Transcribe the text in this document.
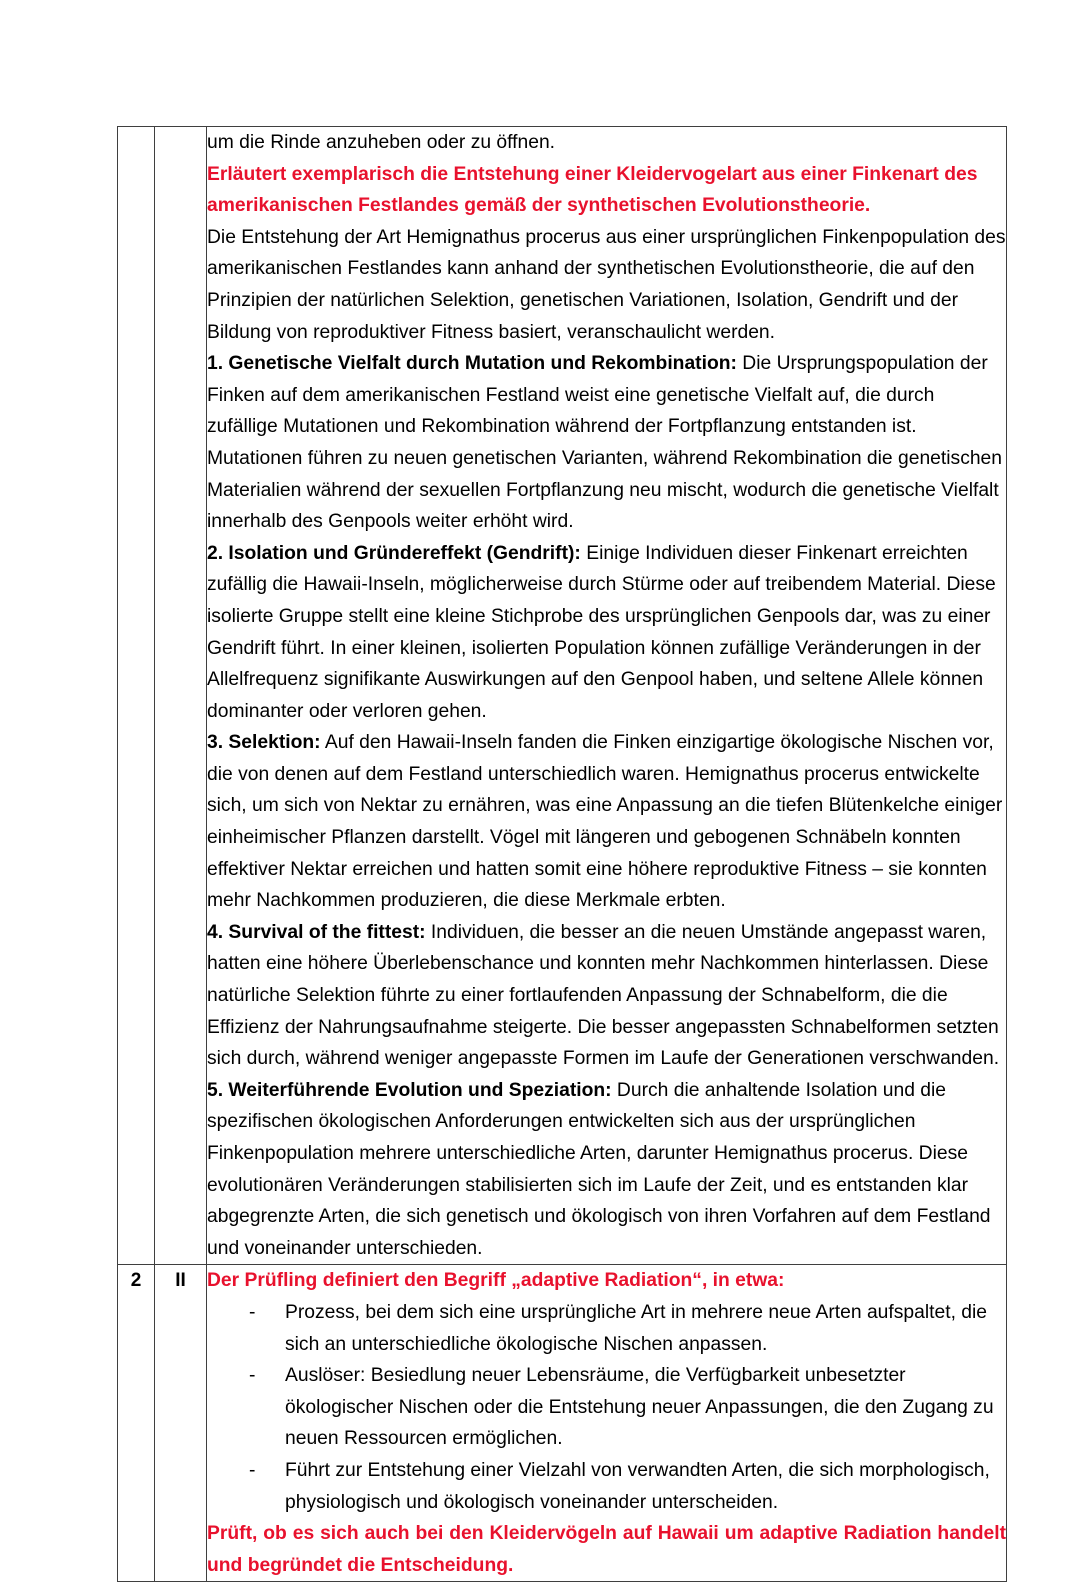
um die Rinde anzuheben oder zu öffnen.

Erläutert exemplarisch die Entstehung einer Kleidervogelart aus einer Finkenart des amerikanischen Festlandes gemäß der synthetischen Evolutionstheorie.

Die Entstehung der Art Hemignathus procerus aus einer ursprünglichen Finkenpopulation des amerikanischen Festlandes kann anhand der synthetischen Evolutionstheorie, die auf den Prinzipien der natürlichen Selektion, genetischen Variationen, Isolation, Gendrift und der Bildung von reproduktiver Fitness basiert, veranschaulicht werden.

1. Genetische Vielfalt durch Mutation und Rekombination: Die Ursprungspopulation der Finken auf dem amerikanischen Festland weist eine genetische Vielfalt auf, die durch zufällige Mutationen und Rekombination während der Fortpflanzung entstanden ist. Mutationen führen zu neuen genetischen Varianten, während Rekombination die genetischen Materialien während der sexuellen Fortpflanzung neu mischt, wodurch die genetische Vielfalt innerhalb des Genpools weiter erhöht wird.

2. Isolation und Gründereffekt (Gendrift): Einige Individuen dieser Finkenart erreichten zufällig die Hawaii-Inseln, möglicherweise durch Stürme oder auf treibendem Material. Diese isolierte Gruppe stellt eine kleine Stichprobe des ursprünglichen Genpools dar, was zu einer Gendrift führt. In einer kleinen, isolierten Population können zufällige Veränderungen in der Allelfrequenz signifikante Auswirkungen auf den Genpool haben, und seltene Allele können dominanter oder verloren gehen.

3. Selektion: Auf den Hawaii-Inseln fanden die Finken einzigartige ökologische Nischen vor, die von denen auf dem Festland unterschiedlich waren. Hemignathus procerus entwickelte sich, um sich von Nektar zu ernähren, was eine Anpassung an die tiefen Blütenkelche einiger einheimischer Pflanzen darstellt. Vögel mit längeren und gebogenen Schnäbeln konnten effektiver Nektar erreichen und hatten somit eine höhere reproduktive Fitness – sie konnten mehr Nachkommen produzieren, die diese Merkmale erbten.

4. Survival of the fittest: Individuen, die besser an die neuen Umstände angepasst waren, hatten eine höhere Überlebenschance und konnten mehr Nachkommen hinterlassen. Diese natürliche Selektion führte zu einer fortlaufenden Anpassung der Schnabelform, die die Effizienz der Nahrungsaufnahme steigerte. Die besser angepassten Schnabelformen setzten sich durch, während weniger angepasste Formen im Laufe der Generationen verschwanden.

5. Weiterführende Evolution und Speziation: Durch die anhaltende Isolation und die spezifischen ökologischen Anforderungen entwickelten sich aus der ursprünglichen Finkenpopulation mehrere unterschiedliche Arten, darunter Hemignathus procerus. Diese evolutionären Veränderungen stabilisierten sich im Laufe der Zeit, und es entstanden klar abgegrenzte Arten, die sich genetisch und ökologisch von ihren Vorfahren auf dem Festland und voneinander unterschieden.

2	II	Der Prüfling definiert den Begriff „adaptive Radiation“, in etwa:

- Prozess, bei dem sich eine ursprüngliche Art in mehrere neue Arten aufspaltet, die sich an unterschiedliche ökologische Nischen anpassen.
- Auslöser: Besiedlung neuer Lebensräume, die Verfügbarkeit unbesetzter ökologischer Nischen oder die Entstehung neuer Anpassungen, die den Zugang zu neuen Ressourcen ermöglichen.
- Führt zur Entstehung einer Vielzahl von verwandten Arten, die sich morphologisch, physiologisch und ökologisch voneinander unterscheiden.

Prüft, ob es sich auch bei den Kleidervögeln auf Hawaii um adaptive Radiation handelt und begründet die Entscheidung.
